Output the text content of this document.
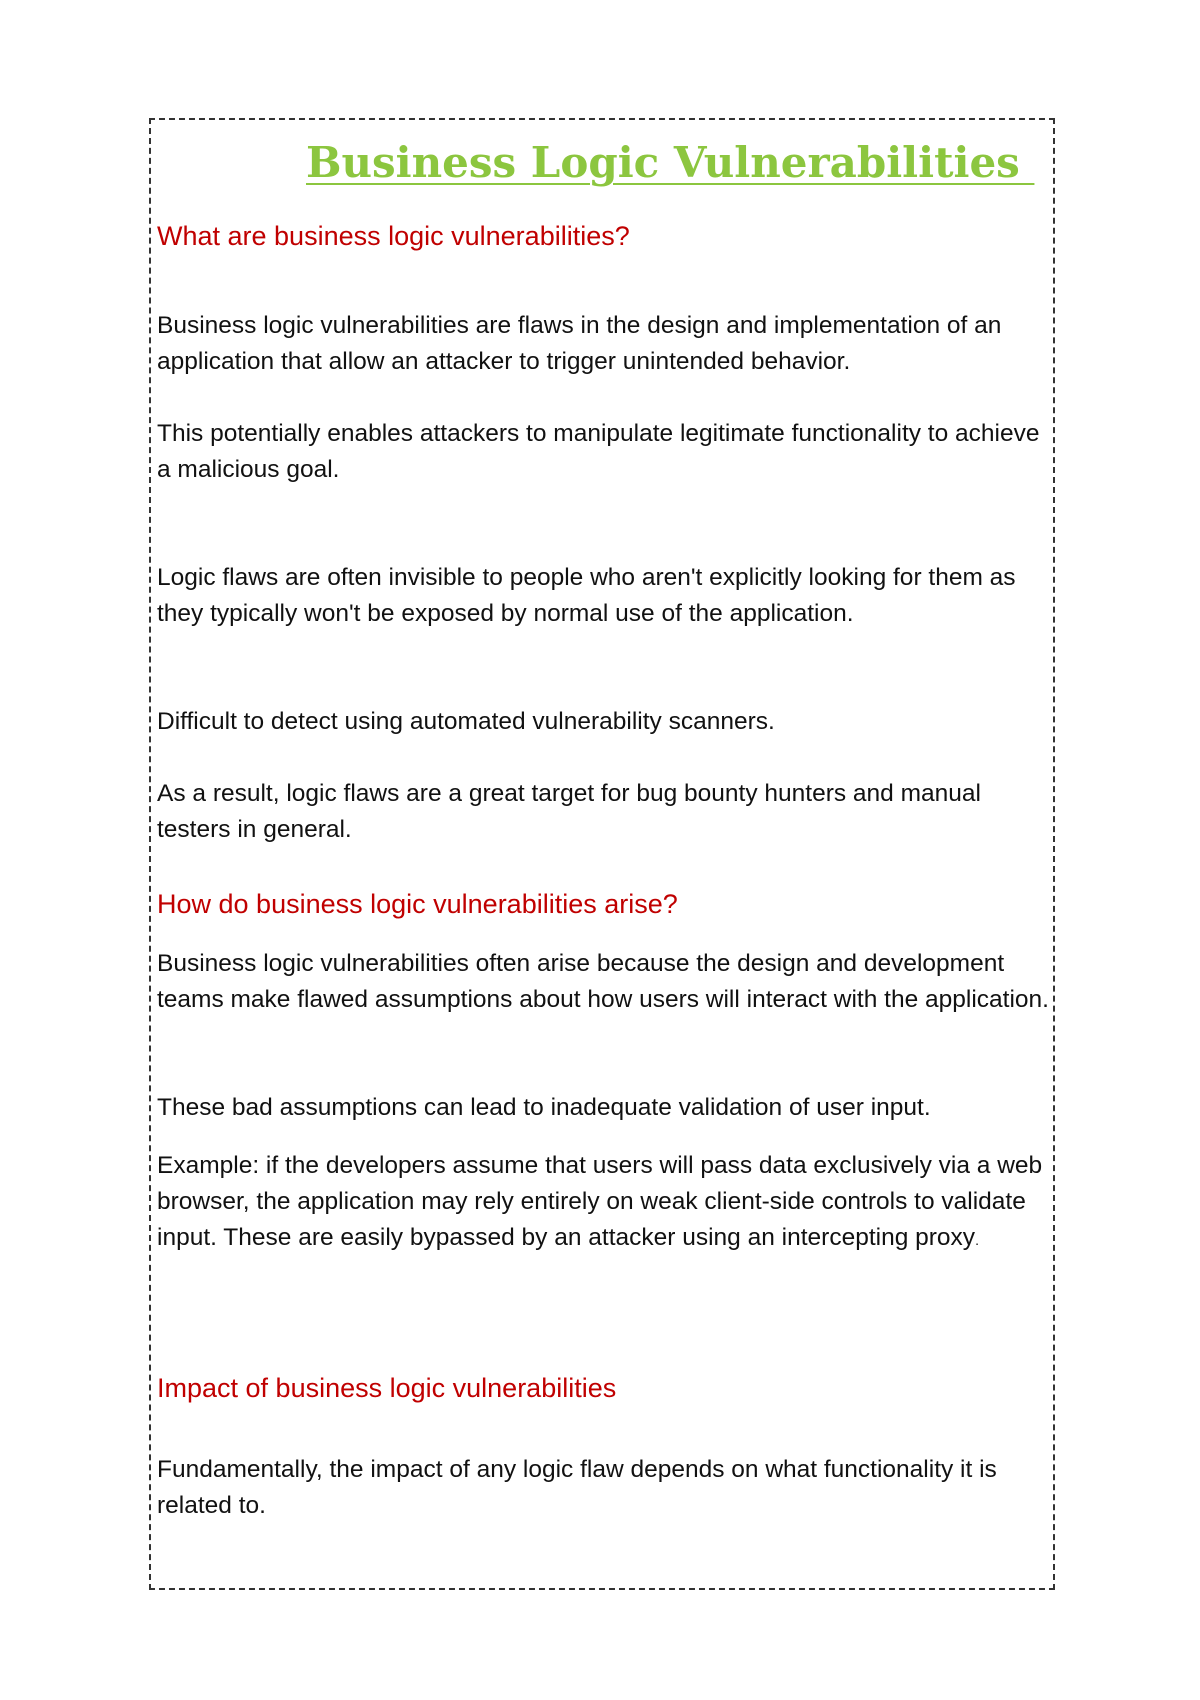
Business Logic Vulnerabilities
What are business logic vulnerabilities?

Business logic vulnerabilities are flaws in the design and implementation of an application that allow an attacker to trigger unintended behavior.

This potentially enables attackers to manipulate legitimate functionality to achieve a malicious goal.

Logic flaws are often invisible to people who aren't explicitly looking for them as they typically won't be exposed by normal use of the application.

Difficult to detect using automated vulnerability scanners.

As a result, logic flaws are a great target for bug bounty hunters and manual testers in general.

How do business logic vulnerabilities arise?

Business logic vulnerabilities often arise because the design and development teams make flawed assumptions about how users will interact with the application.

These bad assumptions can lead to inadequate validation of user input.

Example: if the developers assume that users will pass data exclusively via a web browser, the application may rely entirely on weak client-side controls to validate input. These are easily bypassed by an attacker using an intercepting proxy.

Impact of business logic vulnerabilities

Fundamentally, the impact of any logic flaw depends on what functionality it is related to.
